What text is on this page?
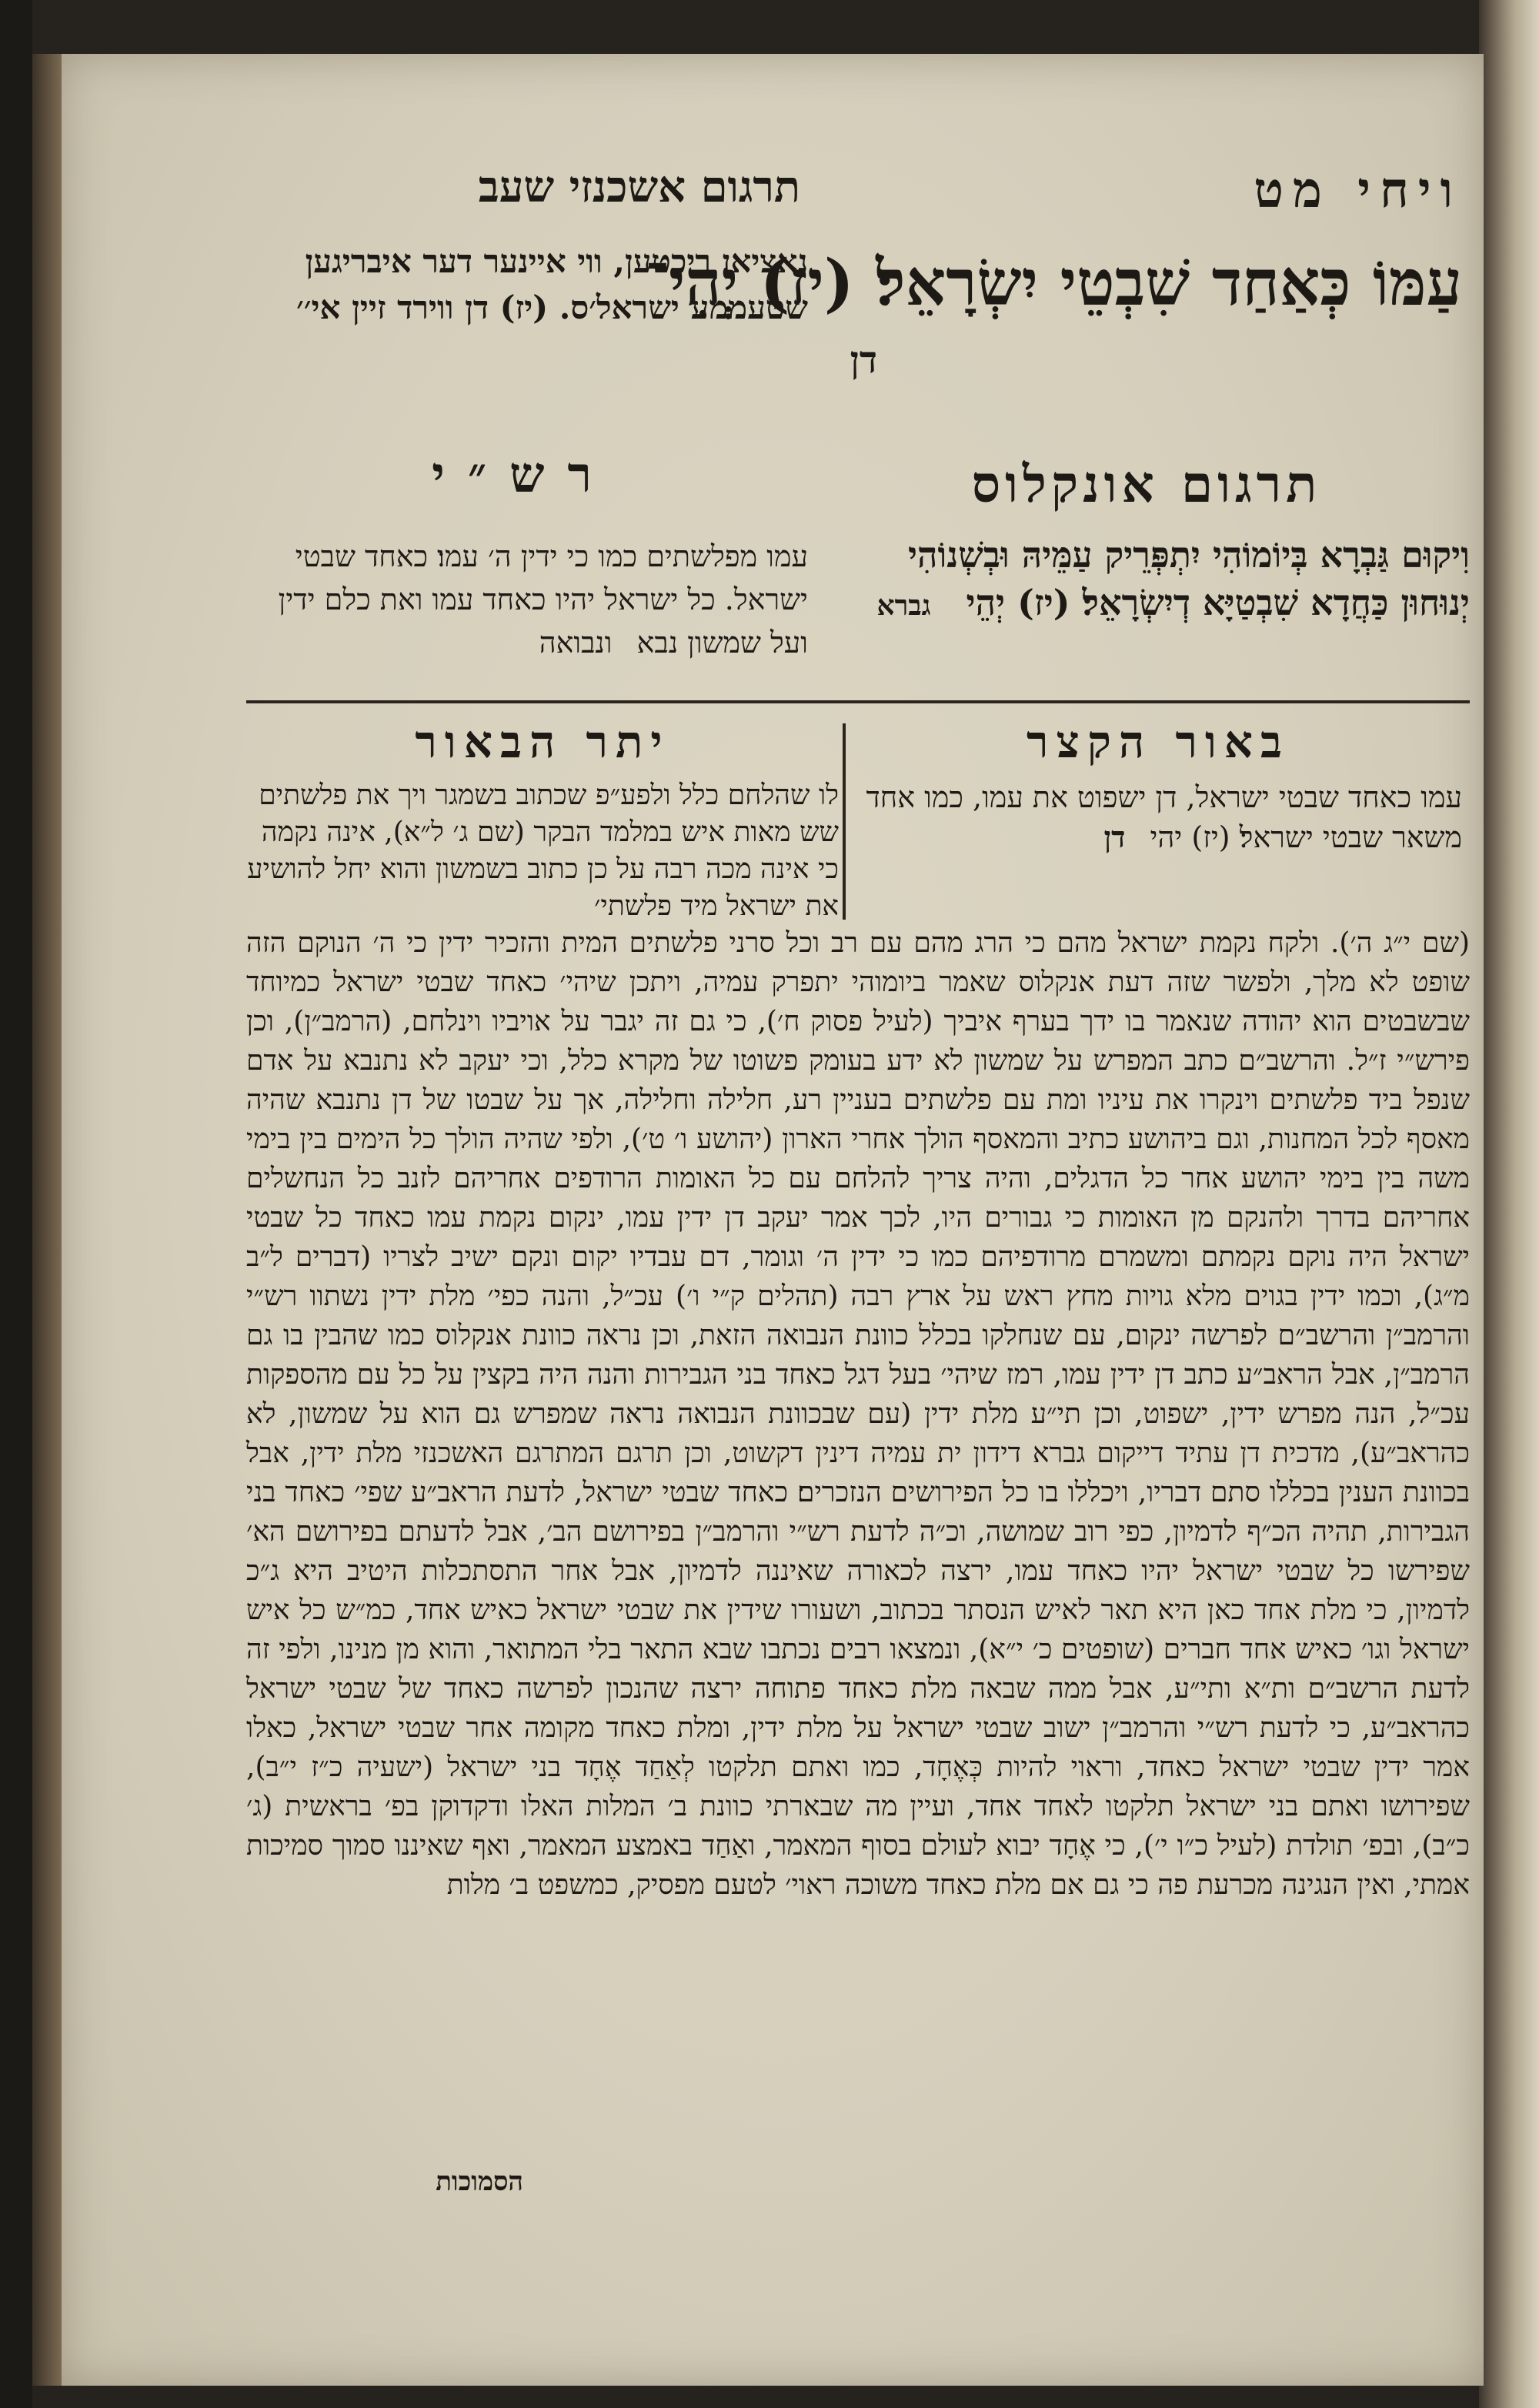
ויחי מט
תרגום אשכנזי שעב
עַמּוֹ כְּאַחַד שִׁבְטֵי יִשְׂרָאֵל׃ (יז) יְהִי־
דן
נאציאן ריכטען, ווי איינער דער איבריגען שטעממע ישראל׳ס. (יז) דן ווירד זיין אי׳׳
תרגום אונקלוס
וִיקוּם גַּבְרָא בְּיוֹמוֹהִי יִתְפְּרֵיק עַמֵּיהּ וּבְשְׁנוֹהִי יְנוּחוּן כַּחֲדָא שִׁבְטַיָּא דְיִשְׂרָאֵל׃ (יז) יְהֵי גברא
רש״י
עמו מפלשתים כמו כי ידין ה׳ עמו׃ כאחד שבטי ישראל. כל ישראל יהיו כאחד עמו ואת כלם ידין ועל שמשון נבא ונבואה
באור הקצר
עמו כאחד שבטי ישראל, דן ישפוט את עמו, כמו אחד משאר שבטי ישראל׃ (יז) יהי דן
יתר הבאור
לו שהלחם כלל ולפע״פ שכתוב בשמגר ויך את פלשתים שש מאות איש במלמד הבקר (שם ג׳ ל״א), אינה נקמה כי אינה מכה רבה על כן כתוב בשמשון והוא יחל להושיע את ישראל מיד פלשתי׳
(שם י״ג ה׳). ולקח נקמת ישראל מהם כי הרג מהם עם רב וכל סרני פלשתים המית והזכיר ידין כי ה׳ הנוקם הזה שופט לא מלך, ולפשר שזה דעת אנקלוס שאמר ביומוהי יתפרק עמיה, ויתכן שיהי׳ כאחד שבטי ישראל כמיוחד שבשבטים הוא יהודה שנאמר בו ידך בערף איביך (לעיל פסוק ח׳), כי גם זה יגבר על אויביו וינלחם, (הרמב״ן), וכן פירש״י ז״ל. והרשב״ם כתב המפרש על שמשון לא ידע בעומק פשוטו של מקרא כלל, וכי יעקב לא נתנבא על אדם שנפל ביד פלשתים וינקרו את עיניו ומת עם פלשתים בעניין רע, חלילה וחלילה, אך על שבטו של דן נתנבא שהיה מאסף לכל המחנות, וגם ביהושע כתיב והמאסף הולך אחרי הארון (יהושע ו׳ ט׳), ולפי שהיה הולך כל הימים בין בימי משה בין בימי יהושע אחר כל הדגלים, והיה צריך להלחם עם כל האומות הרודפים אחריהם לזנב כל הנחשלים אחריהם בדרך ולהנקם מן האומות כי גבורים היו, לכך אמר יעקב דן ידין עמו, ינקום נקמת עמו כאחד כל שבטי ישראל היה נוקם נקמתם ומשמרם מרודפיהם כמו כי ידין ה׳ וגומר, דם עבדיו יקום ונקם ישיב לצריו (דברים ל״ב מ״ג), וכמו ידין בגוים מלא גויות מחץ ראש על ארץ רבה (תהלים ק״י ו׳) עכ״ל, והנה כפי׳ מלת ידין נשתוו רש״י והרמב״ן והרשב״ם לפרשה ינקום, עם שנחלקו בכלל כוונת הנבואה הזאת, וכן נראה כוונת אנקלוס כמו שהבין בו גם הרמב״ן, אבל הראב״ע כתב דן ידין עמו, רמז שיהי׳ בעל דגל כאחד בני הגבירות והנה היה בקצין על כל עם מהספקות עכ״ל, הנה מפרש ידין, ישפוט, וכן תי״ע מלת ידין (עם שבכוונת הנבואה נראה שמפרש גם הוא על שמשון, לא כהראב״ע), מדכית דן עתיד דייקום גברא דידון ית עמיה דינין דקשוט, וכן תרגם המתרגם האשכנזי מלת ידין, אבל בכוונת הענין בכללו סתם דבריו, ויכללו בו כל הפירושים הנזכרים׃ כאחד שבטי ישראל, לדעת הראב״ע שפי׳ כאחד בני הגבירות, תהיה הכ״ף לדמיון, כפי רוב שמושה, וכ״ה לדעת רש״י והרמב״ן בפירושם הב׳, אבל לדעתם בפירושם הא׳ שפירשו כל שבטי ישראל יהיו כאחד עמו, ירצה לכאורה שאיננה לדמיון, אבל אחר התסתכלות היטיב היא ג״כ לדמיון, כי מלת אחד כאן היא תאר לאיש הנסתר בכתוב, ושעורו שידין את שבטי ישראל כאיש אחד, כמ״ש כל איש ישראל וגו׳ כאיש אחד חברים (שופטים כ׳ י״א), ונמצאו רבים נכתבו שבא התאר בלי המתואר, והוא מן מנינו, ולפי זה לדעת הרשב״ם ות״א ותי״ע, אבל ממה שבאה מלת כאחד פתוחה ירצה שהנכון לפרשה כאחד של שבטי ישראל כהראב״ע, כי לדעת רש״י והרמב״ן ישוב שבטי ישראל על מלת ידין, ומלת כאחד מקומה אחר שבטי ישראל, כאלו אמר ידין שבטי ישראל כאחד, וראוי להיות כְּאֶחָד, כמו ואתם תלקטו לְאַחַד אֶחָד בני ישראל (ישעיה כ״ז י״ב), שפירושו ואתם בני ישראל תלקטו לאחד אחד, ועיין מה שבארתי כוונת ב׳ המלות האלו ודקדוקן בפ׳ בראשית (ג׳ כ״ב), ובפ׳ תולדת (לעיל כ״ו י׳), כי אֶחָד יבוא לעולם בסוף המאמר, ואַחַד באמצע המאמר, ואף שאיננו סמוך סמיכות אמתי, ואין הנגינה מכרעת פה כי גם אם מלת כאחד משוכה ראוי׳ לטעם מפסיק, כמשפט ב׳ מלות
הסמוכות
